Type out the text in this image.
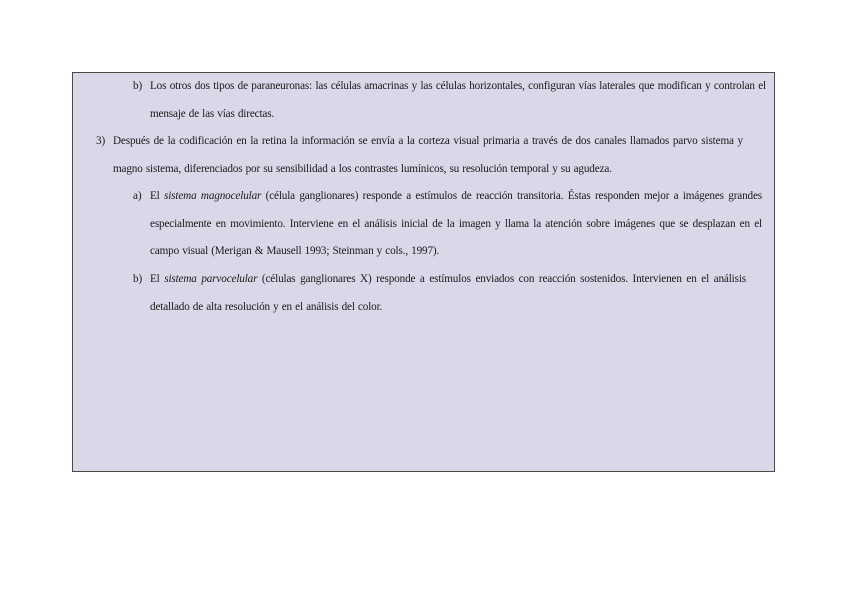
b) Los otros dos tipos de paraneuronas: las células amacrinas y las células horizontales, configuran vías laterales que modifican y controlan el mensaje de las vías directas.
3) Después de la codificación en la retina la información se envía a la corteza visual primaria a través de dos canales llamados parvo sistema y magno sistema, diferenciados por su sensibilidad a los contrastes lumínicos, su resolución temporal y su agudeza.
a) El sistema magnocelular (célula ganglionares) responde a estímulos de reacción transitoria. Éstas responden mejor a imágenes grandes especialmente en movimiento. Interviene en el análisis inicial de la imagen y llama la atención sobre imágenes que se desplazan en el campo visual (Merigan & Mausell 1993; Steinman y cols., 1997).
b) El sistema parvocelular (células ganglionares X) responde a estímulos enviados con reacción sostenidos. Intervienen en el análisis detallado de alta resolución y en el análisis del color.
